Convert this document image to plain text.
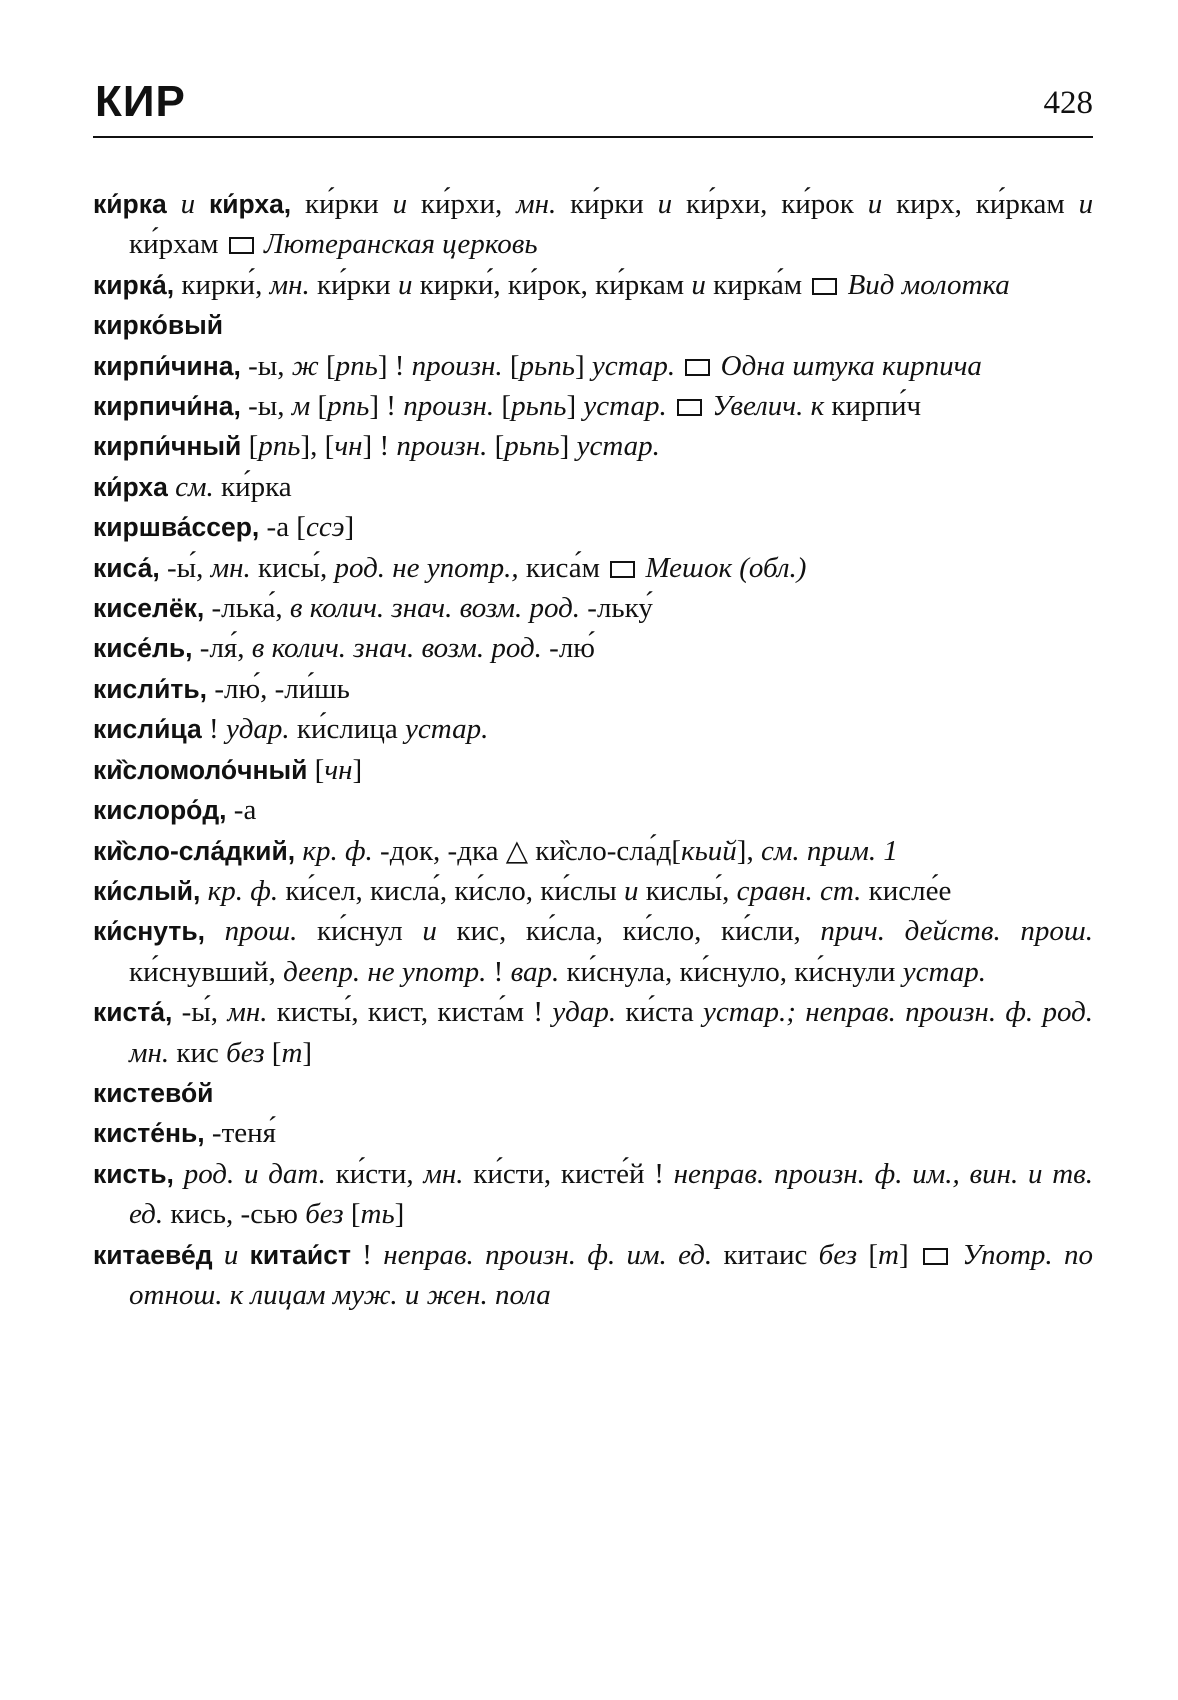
КИР	428
ки́рка и ки́рха, ки́рки и ки́рхи, мн. ки́рки и ки́рхи, ки́рок и кирх, ки́ркам и ки́рхам  Лютеранская церковь
кирка́, кирки́, мн. ки́рки и кирки́, ки́рок, ки́ркам и кирка́м  Вид молотка
кирко́вый
кирпи́чина, -ы, ж [рпь] ! произн. [рьпь] устар. Одна штука кирпича
кирпичи́на, -ы, м [рпь] ! произн. [рьпь] устар. Увелич. к кирпи́ч
кирпи́чный [рпь], [чн] ! произн. [рьпь] устар.
ки́рха см. ки́рка
киршва́ссер, -а [ссэ]
киса́, -ы́, мн. кисы́, род. не употр., киса́м  Мешок (обл.)
киселёк, -лька́, в колич. знач. возм. род. -льку́
кисе́ль, -ля́, в колич. знач. возм. род. -лю́
кисли́ть, -лю́, -ли́шь
кисли́ца ! удар. ки́слица устар.
ки̏сломоло́чный [чн]
кислоро́д, -а
ки̏сло-сла́дкий, кр. ф. -док, -дка △ ки̏сло-сла́д[кьий], см. прим. 1
ки́слый, кр. ф. ки́сел, кисла́, ки́сло, ки́слы и кислы́, сравн. ст. кисле́е
ки́снуть, прош. ки́снул и кис, ки́сла, ки́сло, ки́сли, прич. действ. прош. ки́снувший, деепр. не употр. ! вар. ки́снула, ки́снуло, ки́снули устар.
киста́, -ы́, мн. кисты́, кист, киста́м ! удар. ки́ста устар.; неправ. произн. ф. род. мн. кис без [т]
кистево́й
кисте́нь, -теня́
кисть, род. и дат. ки́сти, мн. ки́сти, кисте́й ! неправ. произн. ф. им., вин. и тв. ед. кись, -сью без [ть]
китаеве́д и китаи́ст ! неправ. произн. ф. им. ед. китаис без [т]  Употр. по отнош. к лицам муж. и жен. пола
